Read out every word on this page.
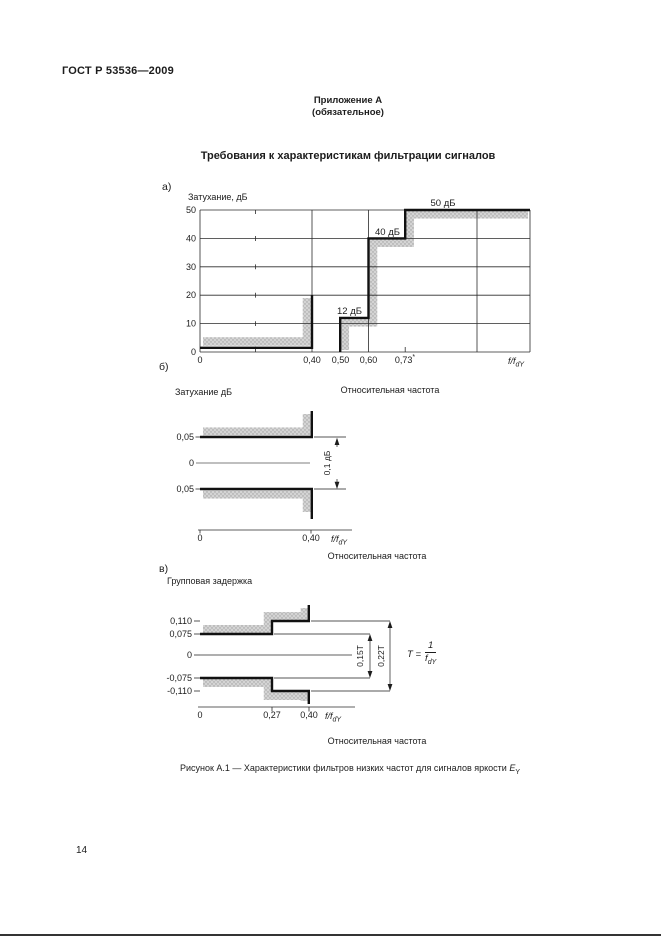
ГОСТ Р 53536—2009
Приложение А
(обязательное)
Требования к характеристикам фильтрации сигналов
а)
Затухание, дБ
50
40
30
20
10
0
0	0,40 0,50 0,60 0,73*	$f/f_{dY}$
50 дБ
40 дБ
12 дБ
Относительная частота
б)
Затухание дБ
0,1 дБ
0,05
0
0,05
0	0,40 $f/f_{dY}$
Относительная частота
в)
Групповая задержка
0,15T 0,22T
0,110
0,075
0
-0,075
-0,110
0	0,27 0,40 $f/f_{dY}$
$T = \frac{1}{f_{dY}}$
Относительная частота
Рисунок А.1 — Характеристики фильтров низких частот для сигналов яркости $Е_Y$
14
